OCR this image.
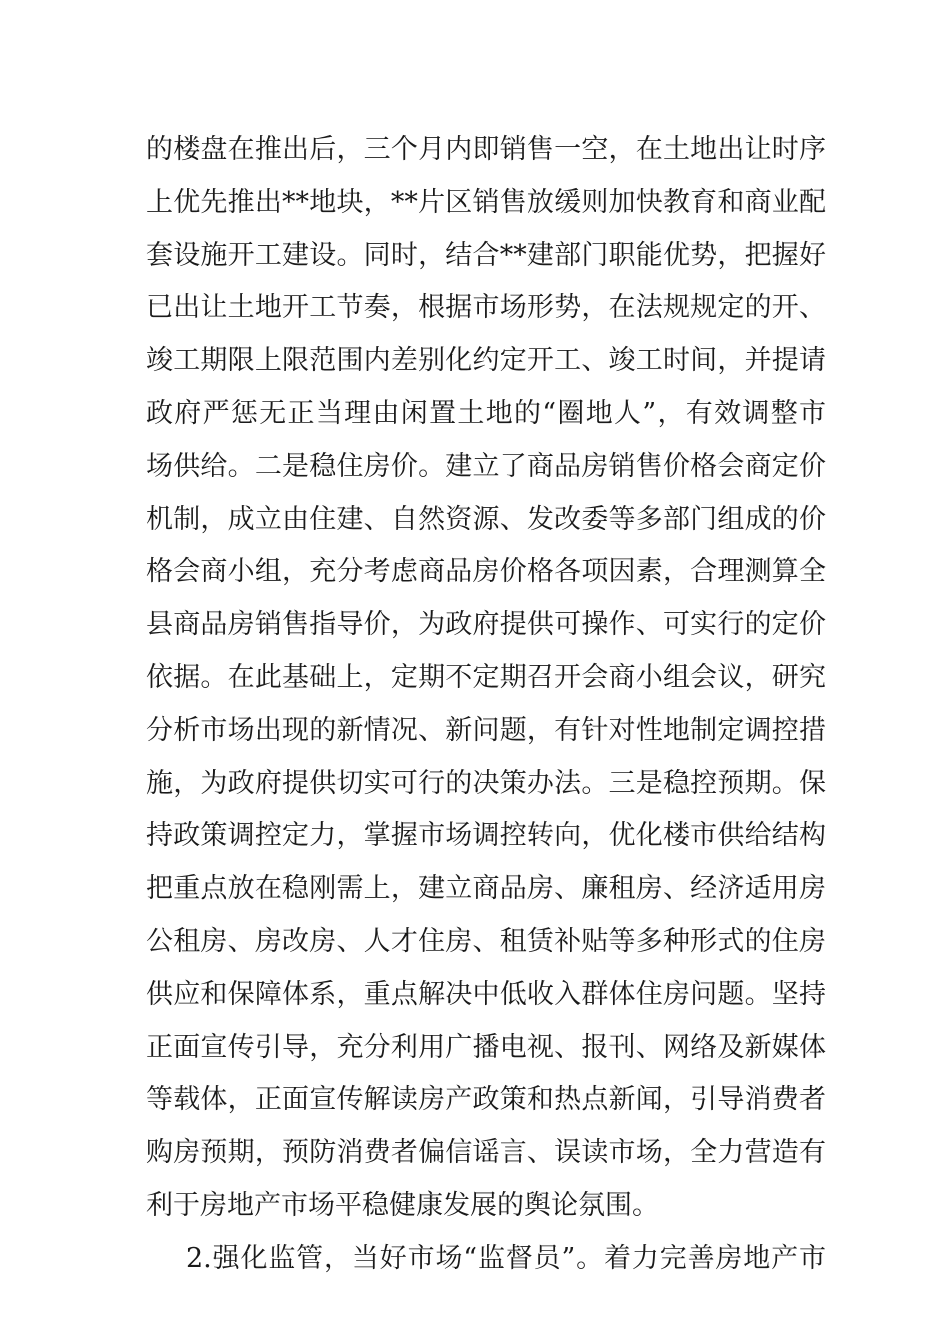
的楼盘在推出后，三个月内即销售一空，在土地出让时序
上优先推出**地块，**片区销售放缓则加快教育和商业配
套设施开工建设。同时，结合**建部门职能优势，把握好
已出让土地开工节奏，根据市场形势，在法规规定的开、
竣工期限上限范围内差别化约定开工、竣工时间，并提请
政府严惩无正当理由闲置土地的“圈地人”，有效调整市
场供给。二是稳住房价。建立了商品房销售价格会商定价
机制，成立由住建、自然资源、发改委等多部门组成的价
格会商小组，充分考虑商品房价格各项因素，合理测算全
县商品房销售指导价，为政府提供可操作、可实行的定价
依据。在此基础上，定期不定期召开会商小组会议，研究
分析市场出现的新情况、新问题，有针对性地制定调控措
施，为政府提供切实可行的决策办法。三是稳控预期。保
持政策调控定力，掌握市场调控转向，优化楼市供给结构
把重点放在稳刚需上，建立商品房、廉租房、经济适用房
公租房、房改房、人才住房、租赁补贴等多种形式的住房
供应和保障体系，重点解决中低收入群体住房问题。坚持
正面宣传引导，充分利用广播电视、报刊、网络及新媒体
等载体，正面宣传解读房产政策和热点新闻，引导消费者
购房预期，预防消费者偏信谣言、误读市场，全力营造有
利于房地产市场平稳健康发展的舆论氛围。
2.强化监管，当好市场“监督员”。着力完善房地产市
